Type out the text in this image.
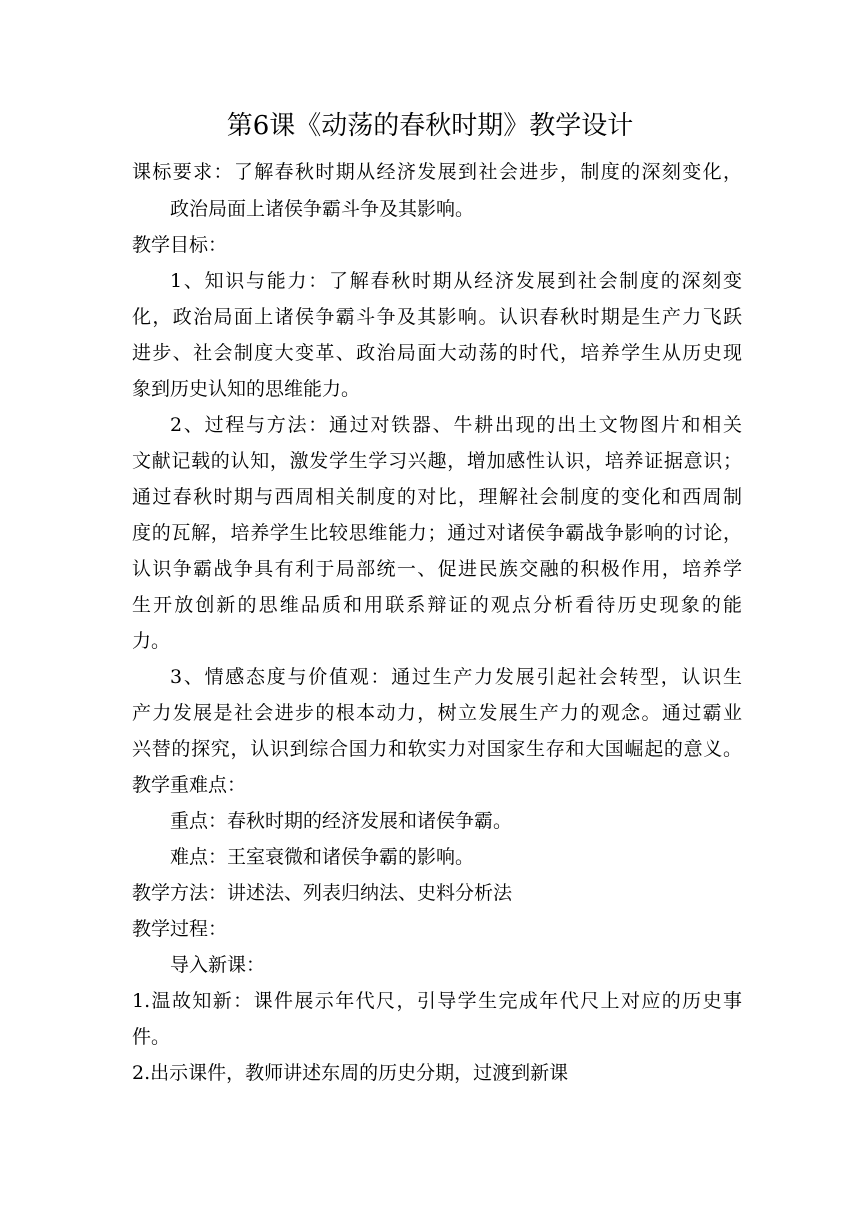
第6课《动荡的春秋时期》教学设计
课标要求：了解春秋时期从经济发展到社会进步，制度的深刻变化，
政治局面上诸侯争霸斗争及其影响。
教学目标：
1、知识与能力：了解春秋时期从经济发展到社会制度的深刻变
化，政治局面上诸侯争霸斗争及其影响。认识春秋时期是生产力飞跃
进步、社会制度大变革、政治局面大动荡的时代，培养学生从历史现
象到历史认知的思维能力。
2、过程与方法：通过对铁器、牛耕出现的出土文物图片和相关
文献记载的认知，激发学生学习兴趣，增加感性认识，培养证据意识；
通过春秋时期与西周相关制度的对比，理解社会制度的变化和西周制
度的瓦解，培养学生比较思维能力；通过对诸侯争霸战争影响的讨论，
认识争霸战争具有利于局部统一、促进民族交融的积极作用，培养学
生开放创新的思维品质和用联系辩证的观点分析看待历史现象的能
力。
3、情感态度与价值观：通过生产力发展引起社会转型，认识生
产力发展是社会进步的根本动力，树立发展生产力的观念。通过霸业
兴替的探究，认识到综合国力和软实力对国家生存和大国崛起的意义。
教学重难点：
重点：春秋时期的经济发展和诸侯争霸。
难点：王室衰微和诸侯争霸的影响。
教学方法：讲述法、列表归纳法、史料分析法
教学过程：
导入新课：
1.温故知新：课件展示年代尺，引导学生完成年代尺上对应的历史事
件。
2.出示课件，教师讲述东周的历史分期，过渡到新课
